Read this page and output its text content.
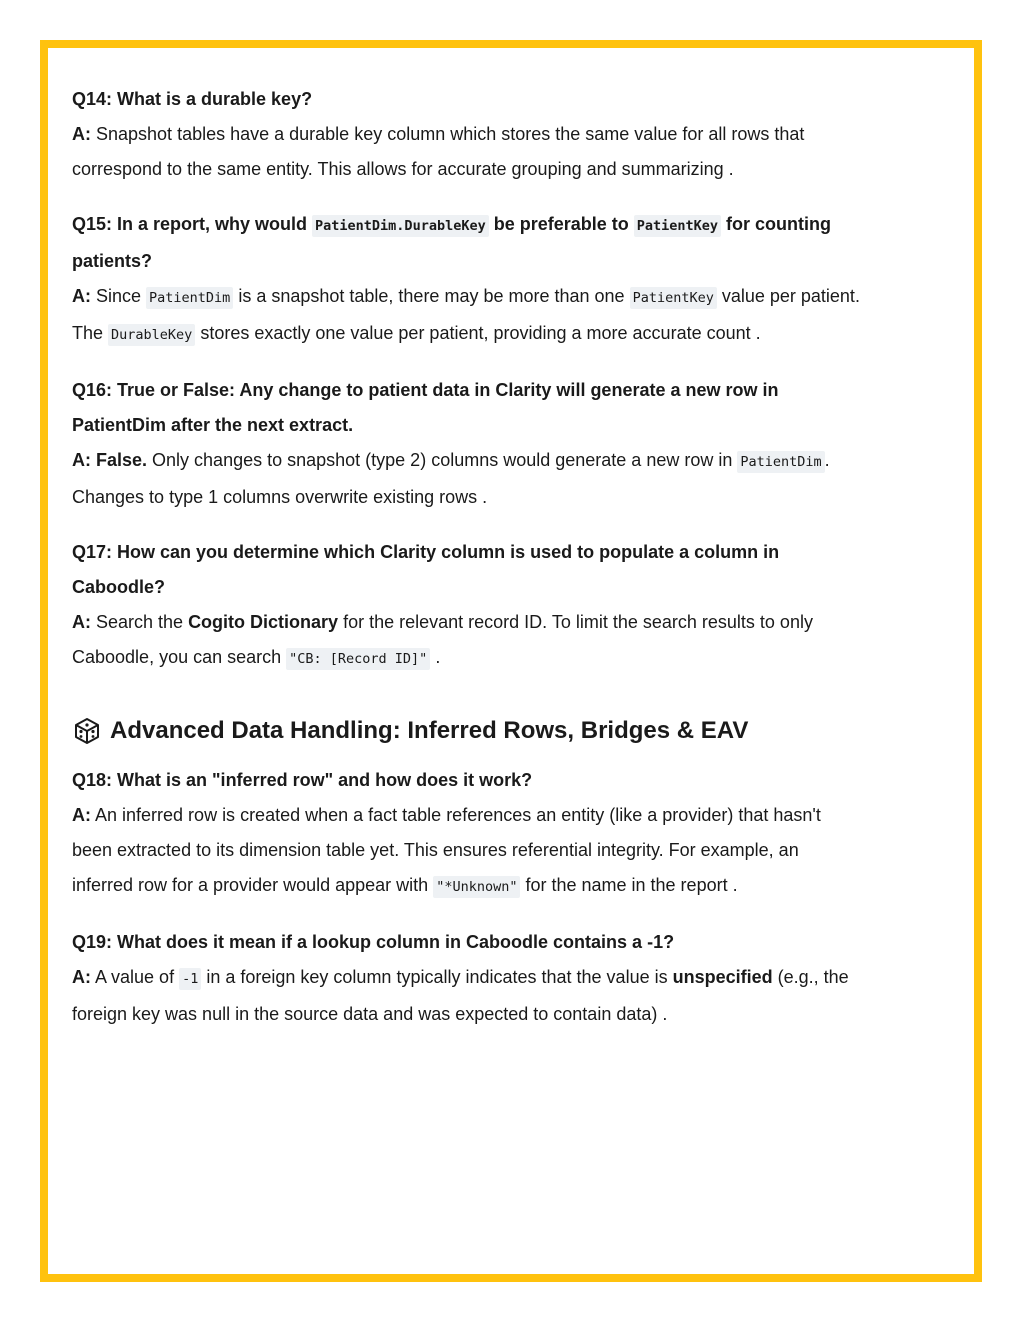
Q14: What is a durable key?

A: Snapshot tables have a durable key column which stores the same value for all rows that correspond to the same entity. This allows for accurate grouping and summarizing .

Q15: In a report, why would PatientDim.DurableKey be preferable to PatientKey for counting patients?

A: Since PatientDim is a snapshot table, there may be more than one PatientKey value per patient. The DurableKey stores exactly one value per patient, providing a more accurate count .

Q16: True or False: Any change to patient data in Clarity will generate a new row in PatientDim after the next extract.

A: False. Only changes to snapshot (type 2) columns would generate a new row in PatientDim . Changes to type 1 columns overwrite existing rows .

Q17: How can you determine which Clarity column is used to populate a column in Caboodle?

A: Search the Cogito Dictionary for the relevant record ID. To limit the search results to only Caboodle, you can search "CB: [Record ID]" .

Advanced Data Handling: Inferred Rows, Bridges & EAV

Q18: What is an "inferred row" and how does it work?

A: An inferred row is created when a fact table references an entity (like a provider) that hasn't been extracted to its dimension table yet. This ensures referential integrity. For example, an inferred row for a provider would appear with "*Unknown" for the name in the report .

Q19: What does it mean if a lookup column in Caboodle contains a -1?

A: A value of -1 in a foreign key column typically indicates that the value is unspecified (e.g., the foreign key was null in the source data and was expected to contain data) .
